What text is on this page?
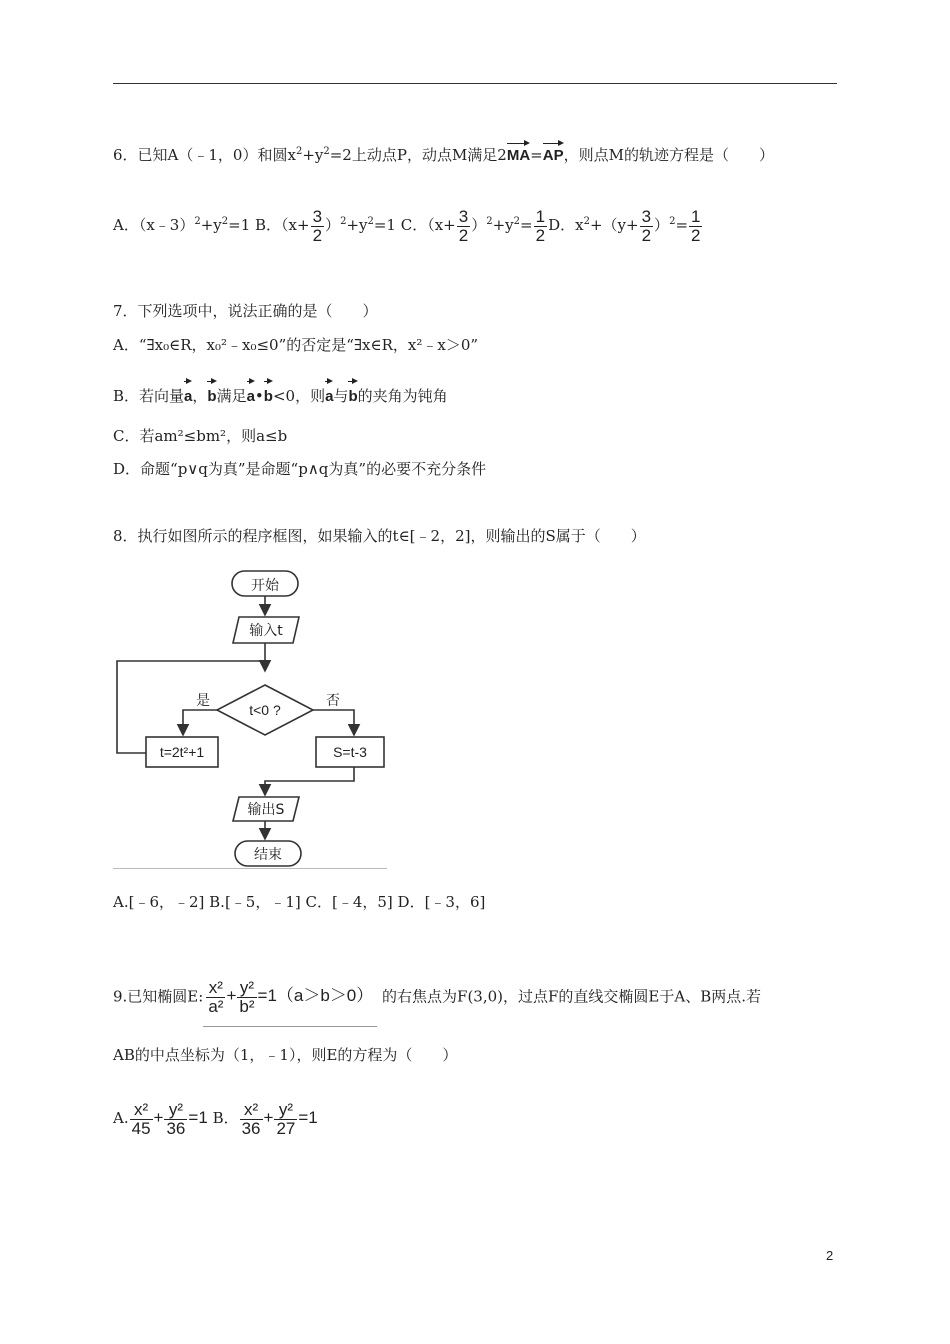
6．已知A（﹣1，0）和圆$x^2+y^2=2$上动点P，动点M满足2MA=AP，则点M的轨迹方程是（　　）
A．$(x﹣3)^2+y^2=1$ B．$(x+ \frac{3}{2} )^2+y^2=1$ C．$(x+ \frac{3}{2} )^2+y^2= \frac{1}{2}$ D．$x^2+(y+ \frac{3}{2} )^2= \frac{1}{2}$
7．下列选项中，说法正确的是（　　）
A．“∃x₀∈R，x₀²﹣x₀≤0”的否定是“∃x∈R，x²﹣x＞0”
B．若向量a，b满足a•b<0，则a与b的夹角为钝角
C．若am²≤bm²，则a≤b
D．命题“p∨q为真”是命题“p∧q为真”的必要不充分条件
8．执行如图所示的程序框图，如果输入的t∈[﹣2，2]，则输出的S属于（　　）
开始
输入t
t<0 ?
是	否
t=2t²+1	S=t-3
输出S
结束
A.[﹣6，﹣2] B.[﹣5，﹣1] C．[﹣4，5] D．[﹣3，6]
9.已知椭圆E: $\frac{\text{x²}}{\text{a²}} + \frac{\text{y²}}{\text{b²}} =1(a>b>0)$ 的右焦点为F(3,0)，过点F的直线交椭圆E于A、B两点.若
AB的中点坐标为（1，﹣1），则E的方程为（　　）
A. $\frac{\text{x²}}{45} + \frac{\text{y²}}{36} =1$ B． $\frac{\text{x²}}{36} + \frac{\text{y²}}{27} =1$
2
